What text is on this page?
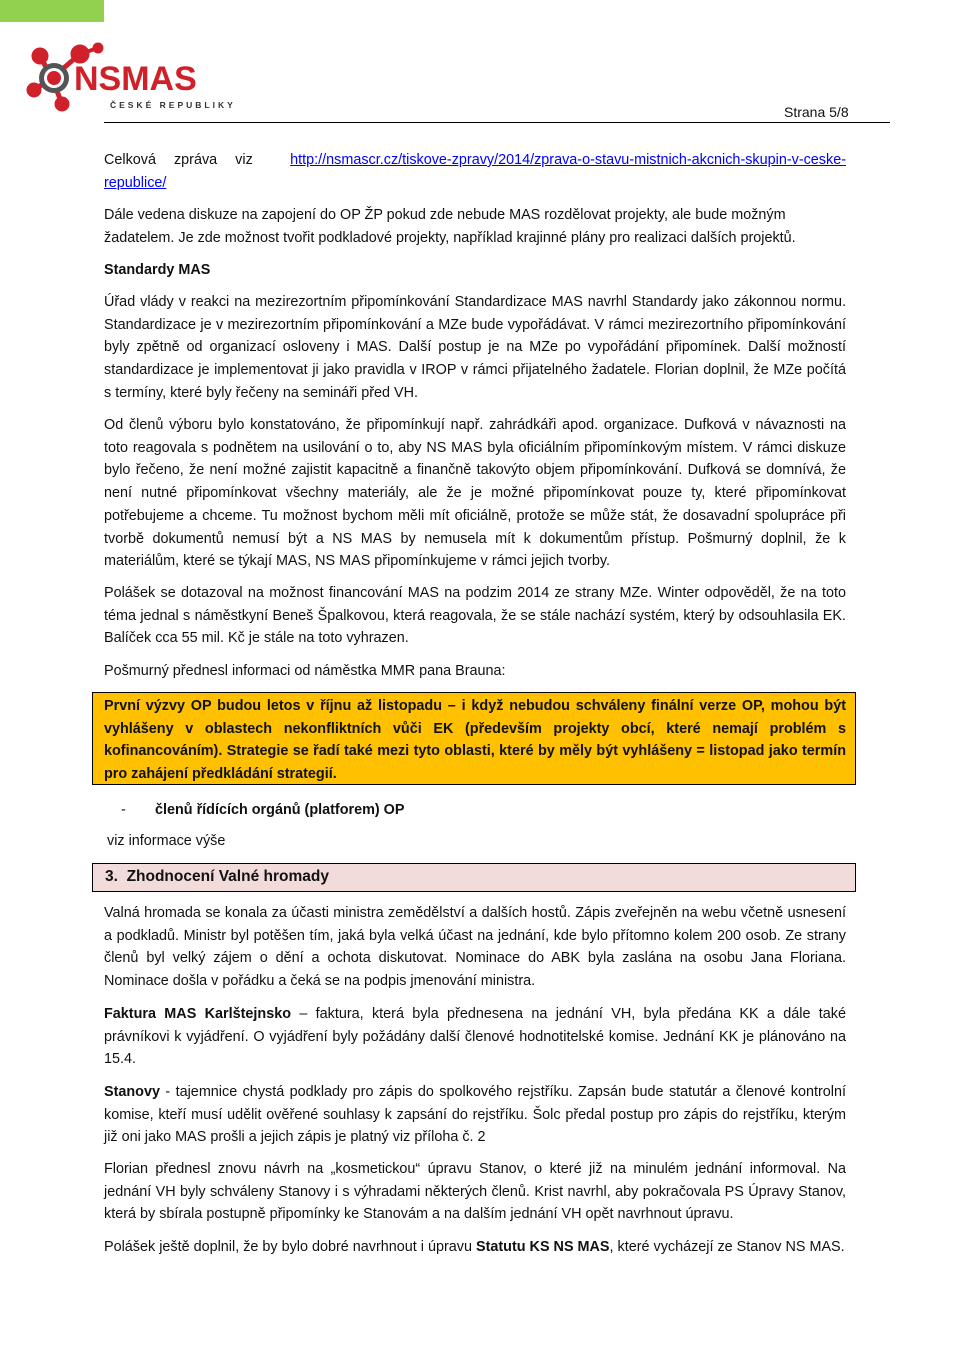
NSMAS
ČESKÉ REPUBLIKY	Strana 5/8
Celková zpráva viz	http://nsmascr.cz/tiskove-zpravy/2014/zprava-o-stavu-mistnich-akcnich-skupin-v-ceske-
republice/
Dále vedena diskuze na zapojení do OP ŽP pokud zde nebude MAS rozdělovat projekty, ale bude možným
žadatelem. Je zde možnost tvořit podkladové projekty, například krajinné plány pro realizaci dalších projektů.
Standardy MAS
Úřad vlády v reakci na mezirezortním připomínkování Standardizace MAS navrhl Standardy jako zákonnou normu. Standardizace je v mezirezortním připomínkování a MZe bude vypořádávat. V rámci mezirezortního připomínkování byly zpětně od organizací osloveny i MAS. Další postup je na MZe po vypořádání připomínek. Další možností standardizace je implementovat ji jako pravidla v IROP v rámci přijatelného žadatele. Florian doplnil, že MZe počítá s termíny, které byly řečeny na semináři před VH.
Od členů výboru bylo konstatováno, že připomínkují např. zahrádkáři apod. organizace. Dufková v návaznosti na toto reagovala s podnětem na usilování o to, aby NS MAS byla oficiálním připomínkovým místem. V rámci diskuze bylo řečeno, že není možné zajistit kapacitně a finančně takovýto objem připomínkování. Dufková se domnívá, že není nutné připomínkovat všechny materiály, ale že je možné připomínkovat pouze ty, které připomínkovat potřebujeme a chceme. Tu možnost bychom měli mít oficiálně, protože se může stát, že dosavadní spolupráce při tvorbě dokumentů nemusí být a NS MAS by nemusela mít k dokumentům přístup. Pošmurný doplnil, že k materiálům, které se týkají MAS, NS MAS připomínkujeme v rámci jejich tvorby.
Polášek se dotazoval na možnost financování MAS na podzim 2014 ze strany MZe. Winter odpověděl, že na toto téma jednal s náměstkyní Beneš Špalkovou, která reagovala, že se stále nachází systém, který by odsouhlasila EK. Balíček cca 55 mil. Kč je stále na toto vyhrazen.
Pošmurný přednesl informaci od náměstka MMR pana Brauna:
První výzvy OP budou letos v říjnu až listopadu – i když nebudou schváleny finální verze OP, mohou být vyhlášeny v oblastech nekonfliktních vůči EK (především projekty obcí, které nemají problém s kofinancováním). Strategie se řadí také mezi tyto oblasti, které by měly být vyhlášeny = listopad jako termín pro zahájení předkládání strategií.
- členů řídících orgánů (platforem) OP
viz informace výše
3. Zhodnocení Valné hromady
Valná hromada se konala za účasti ministra zemědělství a dalších hostů. Zápis zveřejněn na webu včetně usnesení a podkladů. Ministr byl potěšen tím, jaká byla velká účast na jednání, kde bylo přítomno kolem 200 osob. Ze strany členů byl velký zájem o dění a ochota diskutovat. Nominace do ABK byla zaslána na osobu Jana Floriana. Nominace došla v pořádku a čeká se na podpis jmenování ministra.
Faktura MAS Karlštejnsko – faktura, která byla přednesena na jednání VH, byla předána KK a dále také právníkovi k vyjádření. O vyjádření byly požádány další členové hodnotitelské komise. Jednání KK je plánováno na 15.4.
Stanovy - tajemnice chystá podklady pro zápis do spolkového rejstříku. Zapsán bude statutár a členové kontrolní komise, kteří musí udělit ověřené souhlasy k zapsání do rejstříku. Šolc předal postup pro zápis do rejstříku, kterým již oni jako MAS prošli a jejich zápis je platný viz příloha č. 2
Florian přednesl znovu návrh na „kosmetickou“ úpravu Stanov, o které již na minulém jednání informoval. Na jednání VH byly schváleny Stanovy i s výhradami některých členů. Krist navrhl, aby pokračovala PS Úpravy Stanov, která by sbírala postupně připomínky ke Stanovám a na dalším jednání VH opět navrhnout úpravu.
Polášek ještě doplnil, že by bylo dobré navrhnout i úpravu Statutu KS NS MAS, které vycházejí ze Stanov NS MAS.
